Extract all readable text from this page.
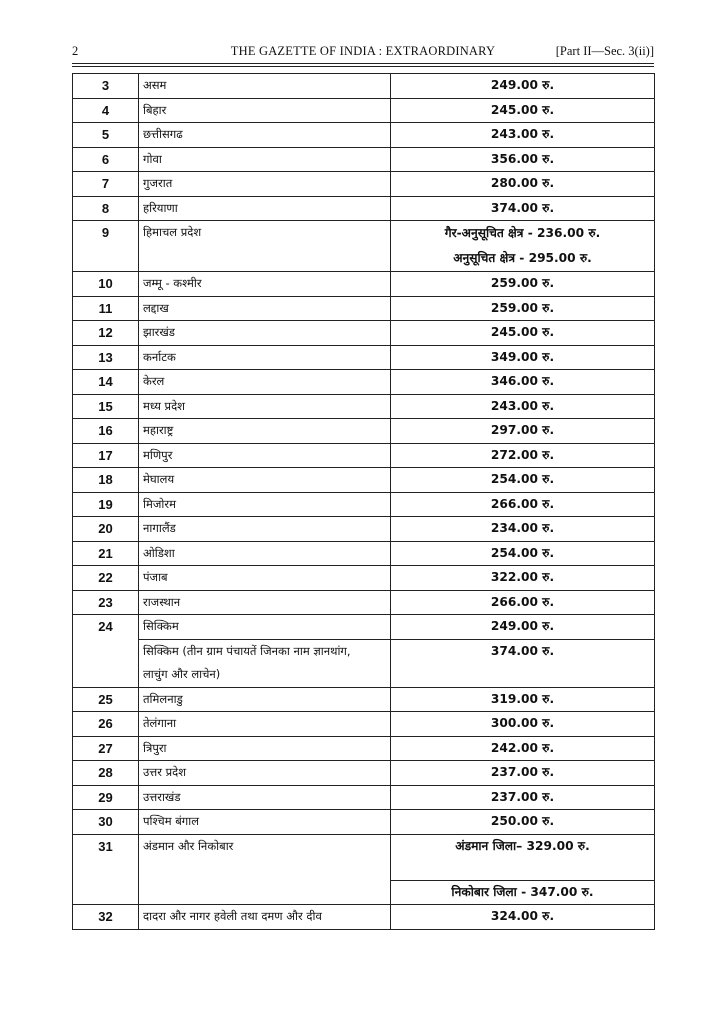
2	THE GAZETTE OF INDIA : EXTRAORDINARY	[Part II—Sec. 3(ii)]
3	असम	249.00 रु.
4	बिहार	245.00 रु.
5	छत्तीसगढ	243.00 रु.
6	गोवा	356.00 रु.
7	गुजरात	280.00 रु.
8	हरियाणा	374.00 रु.
9	हिमाचल प्रदेश	गैर-अनुसूचित क्षेत्र - 236.00 रु.
अनुसूचित क्षेत्र - 295.00 रु.

10	जम्मू - कश्मीर	259.00 रु.
11	लद्दाख	259.00 रु.
12	झारखंड	245.00 रु.
13	कर्नाटक	349.00 रु.
14	केरल	346.00 रु.
15	मध्य प्रदेश	243.00 रु.
16	महाराष्ट्र	297.00 रु.
17	मणिपुर	272.00 रु.
18	मेघालय	254.00 रु.
19	मिजोरम	266.00 रु.
20	नागालैंड	234.00 रु.
21	ओडिशा	254.00 रु.
22	पंजाब	322.00 रु.
23	राजस्थान	266.00 रु.
24	सिक्किम	249.00 रु.

	सिक्किम (तीन ग्राम पंचायतें जिनका नाम ज्ञानथांग,
लाचुंग और लाचेन)	374.00 रु.
25	तमिलनाडु	319.00 रु.
26	तेलंगाना	300.00 रु.
27	त्रिपुरा	242.00 रु.
28	उत्तर प्रदेश	237.00 रु.
29	उत्तराखंड	237.00 रु.
30	पश्चिम बंगाल	250.00 रु.
31	अंडमान और निकोबार	अंडमान जिला– 329.00 रु.
		निकोबार जिला - 347.00 रु.
32	दादरा और नागर हवेली तथा दमण और दीव	324.00 रु.
